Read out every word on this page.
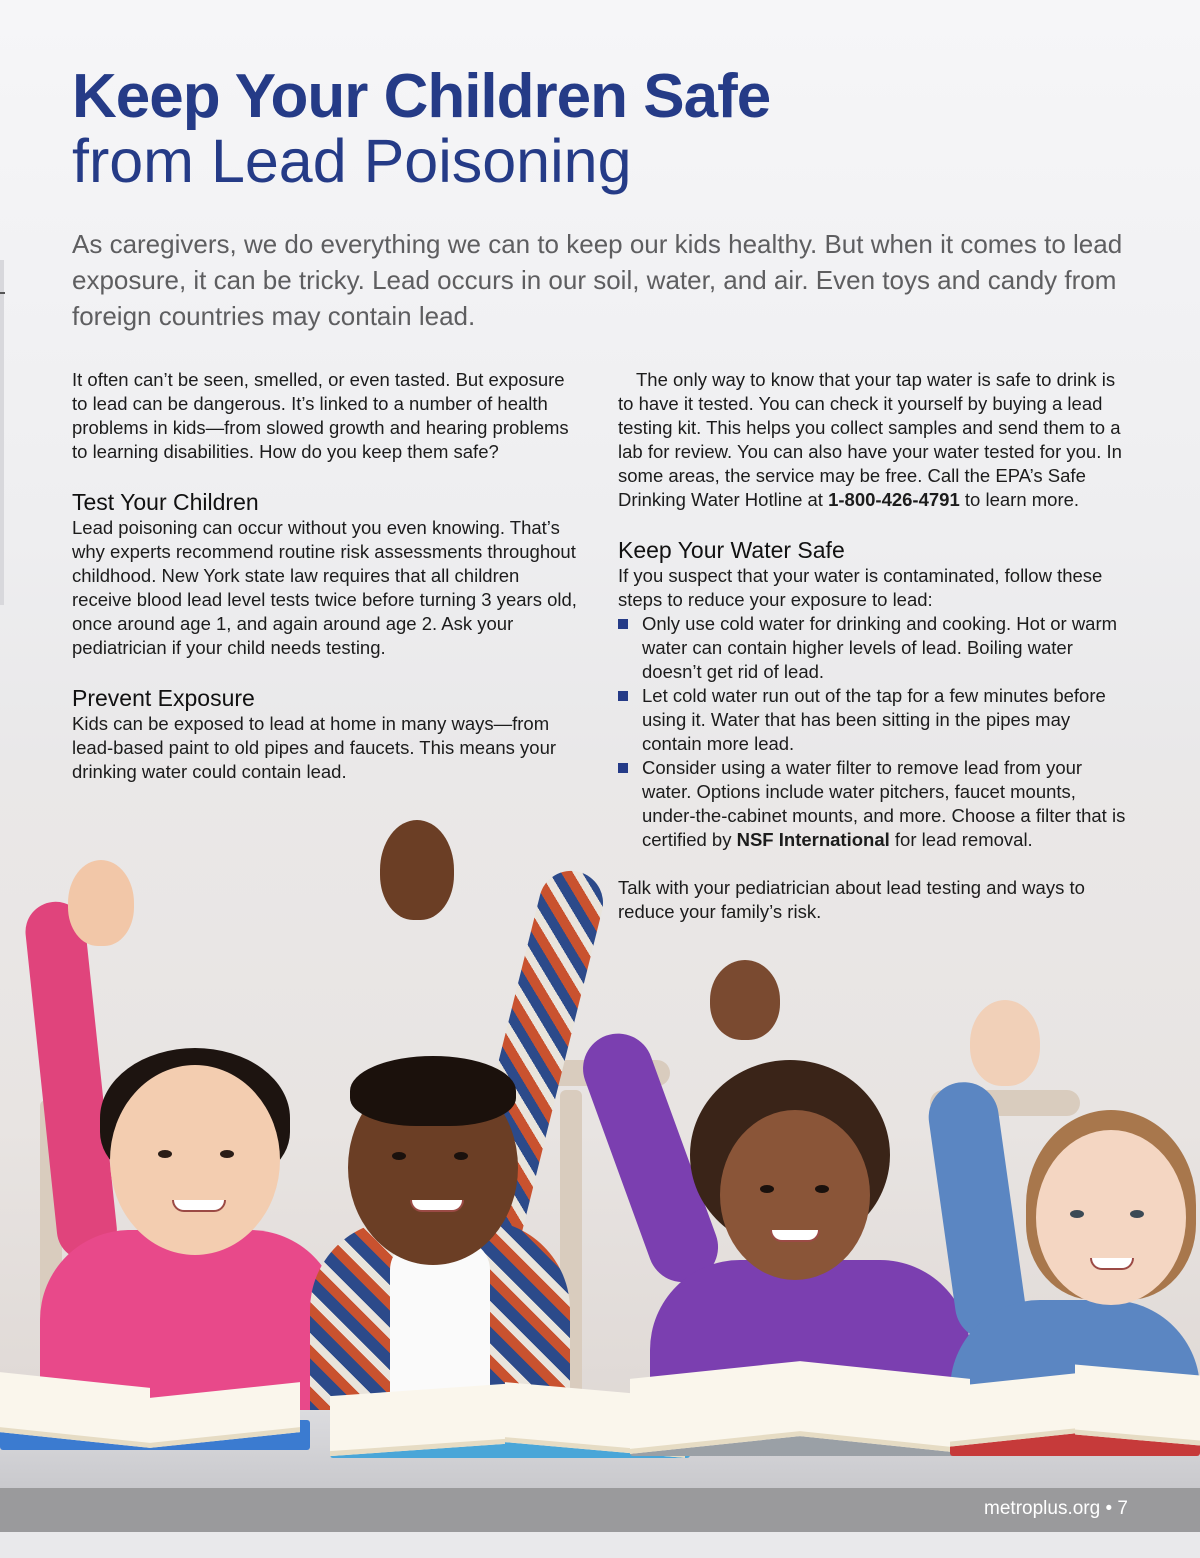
Keep Your Children Safe
from Lead Poisoning

As caregivers, we do everything we can to keep our kids healthy. But when it comes to lead exposure, it can be tricky. Lead occurs in our soil, water, and air. Even toys and candy from foreign countries may contain lead.

It often can’t be seen, smelled, or even tasted. But exposure to lead can be dangerous. It’s linked to a number of health problems in kids—from slowed growth and hearing problems to learning disabilities. How do you keep them safe?

Test Your Children

Lead poisoning can occur without you even knowing. That’s why experts recommend routine risk assessments throughout childhood. New York state law requires that all children receive blood lead level tests twice before turning 3 years old, once around age 1, and again around age 2. Ask your pediatrician if your child needs testing.

Prevent Exposure

Kids can be exposed to lead at home in many ways—from lead-based paint to old pipes and faucets. This means your drinking water could contain lead.

The only way to know that your tap water is safe to drink is to have it tested. You can check it yourself by buying a lead testing kit. This helps you collect samples and send them to a lab for review. You can also have your water tested for you. In some areas, the service may be free. Call the EPA’s Safe Drinking Water Hotline at 1-800-426-4791 to learn more.

Keep Your Water Safe

If you suspect that your water is contaminated, follow these steps to reduce your exposure to lead:

Only use cold water for drinking and cooking. Hot or warm water can contain higher levels of lead. Boiling water doesn’t get rid of lead.
Let cold water run out of the tap for a few minutes before using it. Water that has been sitting in the pipes may contain more lead.
Consider using a water filter to remove lead from your water. Options include water pitchers, faucet mounts, under-the-cabinet mounts, and more. Choose a filter that is certified by NSF International for lead removal.

Talk with your pediatrician about lead testing and ways to reduce your family’s risk.

metroplus.org • 7
